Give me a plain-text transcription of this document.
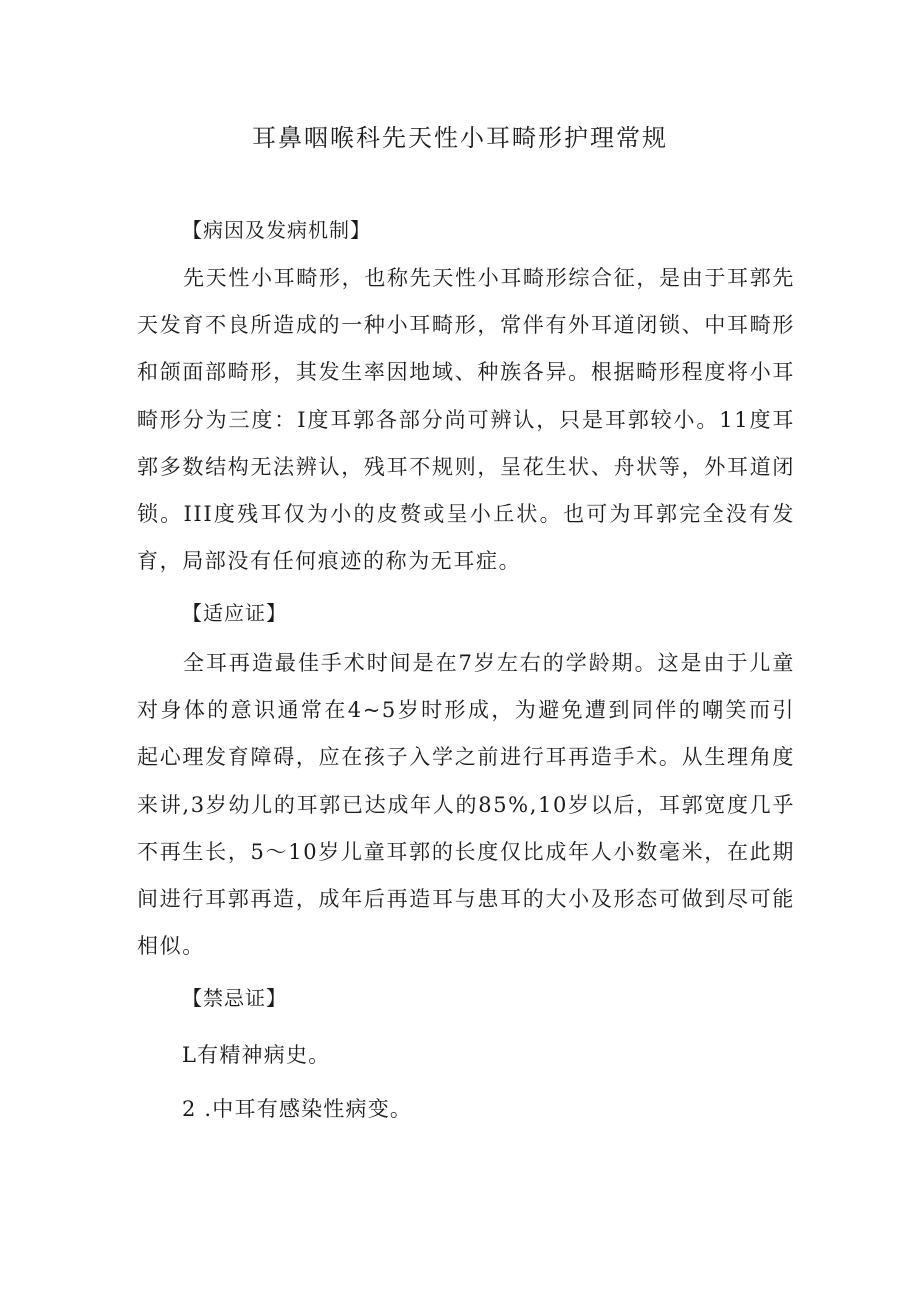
耳鼻咽喉科先天性小耳畸形护理常规

【病因及发病机制】

先天性小耳畸形，也称先天性小耳畸形综合征，是由于耳郭先天发育不良所造成的一种小耳畸形，常伴有外耳道闭锁、中耳畸形和颌面部畸形，其发生率因地域、种族各异。根据畸形程度将小耳畸形分为三度：I度耳郭各部分尚可辨认，只是耳郭较小。11度耳郭多数结构无法辨认，残耳不规则，呈花生状、舟状等，外耳道闭锁。III度残耳仅为小的皮赘或呈小丘状。也可为耳郭完全没有发育，局部没有任何痕迹的称为无耳症。

【适应证】

全耳再造最佳手术时间是在7岁左右的学龄期。这是由于儿童对身体的意识通常在4~5岁时形成，为避免遭到同伴的嘲笑而引起心理发育障碍，应在孩子入学之前进行耳再造手术。从生理角度来讲,3岁幼儿的耳郭已达成年人的85%,10岁以后，耳郭宽度几乎不再生长，5～10岁儿童耳郭的长度仅比成年人小数毫米，在此期间进行耳郭再造，成年后再造耳与患耳的大小及形态可做到尽可能相似。

【禁忌证】

L有精神病史。

2 .中耳有感染性病变。
